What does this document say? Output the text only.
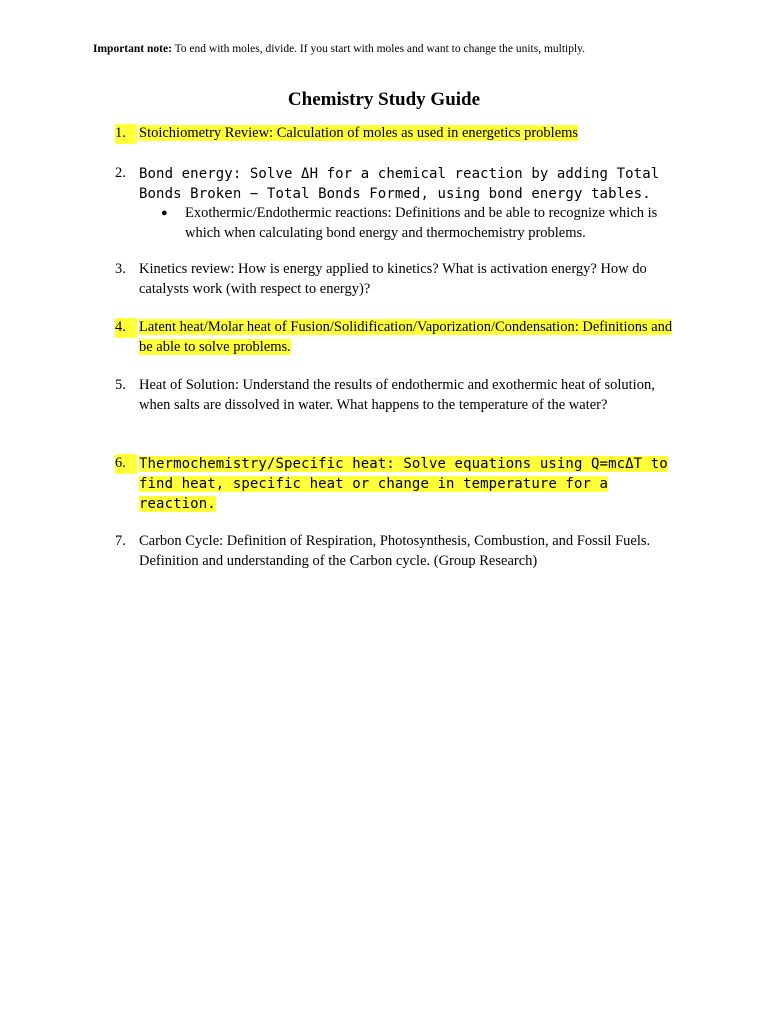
Important note: To end with moles, divide. If you start with moles and want to change the units, multiply.
Chemistry Study Guide
1. Stoichiometry Review: Calculation of moles as used in energetics problems
2. Bond energy: Solve ΔH for a chemical reaction by adding Total Bonds Broken − Total Bonds Formed, using bond energy tables.
● Exothermic/Endothermic reactions: Definitions and be able to recognize which is which when calculating bond energy and thermochemistry problems.
3. Kinetics review: How is energy applied to kinetics? What is activation energy? How do catalysts work (with respect to energy)?
4. Latent heat/Molar heat of Fusion/Solidification/Vaporization/Condensation: Definitions and be able to solve problems.
5. Heat of Solution: Understand the results of endothermic and exothermic heat of solution, when salts are dissolved in water. What happens to the temperature of the water?
6. Thermochemistry/Specific heat: Solve equations using Q=mcΔT to find heat, specific heat or change in temperature for a reaction.
7. Carbon Cycle: Definition of Respiration, Photosynthesis, Combustion, and Fossil Fuels. Definition and understanding of the Carbon cycle. (Group Research)
